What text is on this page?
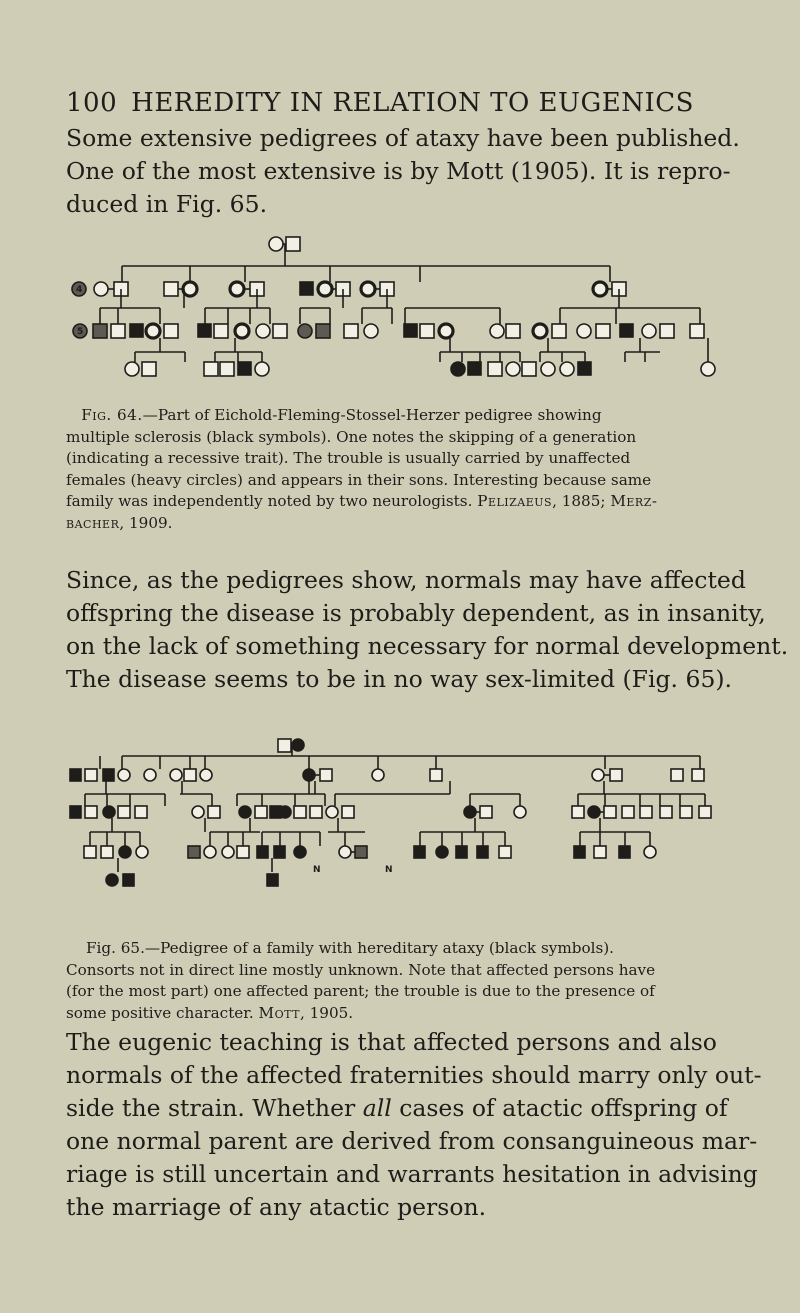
100 HEREDITY IN RELATION TO EUGENICS
Some extensive pedigrees of ataxy have been published.
One of the most extensive is by Mott (1905). It is repro-
duced in Fig. 65.
4
5
 Fig. 64.—Part of Eichold-Fleming-Stossel-Herzer pedigree showing
multiple sclerosis (black symbols). One notes the skipping of a generation
(indicating a recessive trait). The trouble is usually carried by unaffected
females (heavy circles) and appears in their sons. Interesting because same
family was independently noted by two neurologists. Pelizaeus, 1885; Merz-
bacher, 1909.
Since, as the pedigrees show, normals may have affected
offspring the disease is probably dependent, as in insanity,
on the lack of something necessary for normal development.
The disease seems to be in no way sex-limited (Fig. 65).
N	N
Fig. 65.—Pedigree of a family with hereditary ataxy (black symbols).
Consorts not in direct line mostly unknown. Note that affected persons have
(for the most part) one affected parent; the trouble is due to the presence of
some positive character. Mott, 1905.
The eugenic teaching is that affected persons and also
normals of the affected fraternities should marry only out-
side the strain. Whether all cases of atactic offspring of
one normal parent are derived from consanguineous mar-
riage is still uncertain and warrants hesitation in advising
the marriage of any atactic person.
